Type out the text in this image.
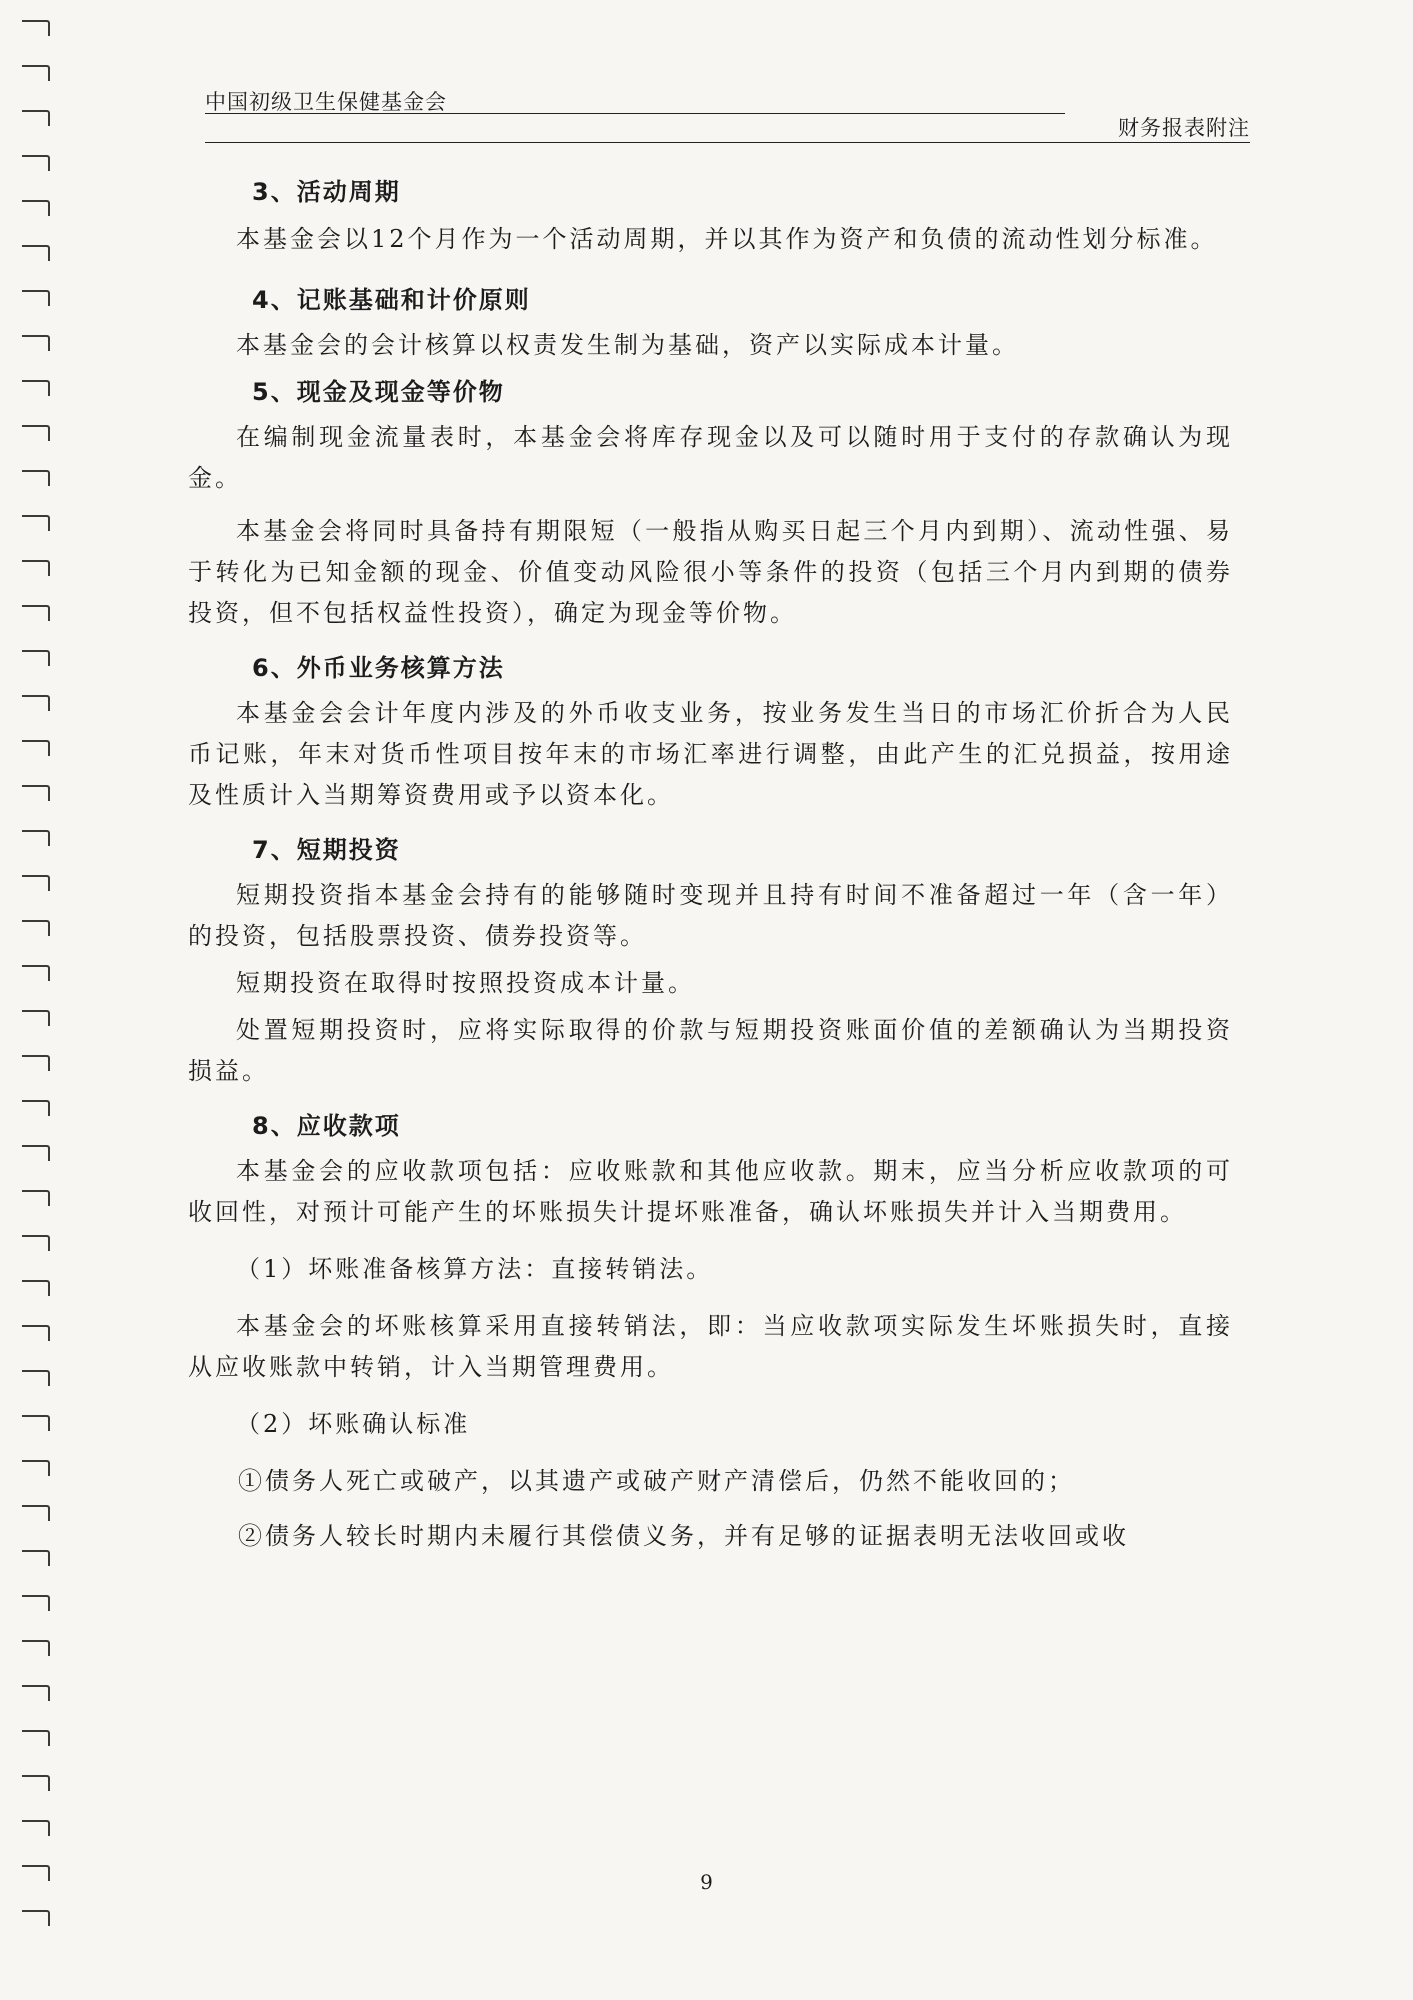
中国初级卫生保健基金会
财务报表附注
3、活动周期

本基金会以12个月作为一个活动周期，并以其作为资产和负债的流动性划分标准。

4、记账基础和计价原则

本基金会的会计核算以权责发生制为基础，资产以实际成本计量。

5、现金及现金等价物

在编制现金流量表时，本基金会将库存现金以及可以随时用于支付的存款确认为现金。

本基金会将同时具备持有期限短（一般指从购买日起三个月内到期）、流动性强、易于转化为已知金额的现金、价值变动风险很小等条件的投资（包括三个月内到期的债券投资，但不包括权益性投资），确定为现金等价物。

6、外币业务核算方法

本基金会会计年度内涉及的外币收支业务，按业务发生当日的市场汇价折合为人民币记账，年末对货币性项目按年末的市场汇率进行调整，由此产生的汇兑损益，按用途及性质计入当期筹资费用或予以资本化。

7、短期投资

短期投资指本基金会持有的能够随时变现并且持有时间不准备超过一年（含一年）的投资，包括股票投资、债券投资等。

短期投资在取得时按照投资成本计量。

处置短期投资时，应将实际取得的价款与短期投资账面价值的差额确认为当期投资损益。

8、应收款项

本基金会的应收款项包括：应收账款和其他应收款。期末，应当分析应收款项的可收回性，对预计可能产生的坏账损失计提坏账准备，确认坏账损失并计入当期费用。

（1）坏账准备核算方法：直接转销法。

本基金会的坏账核算采用直接转销法，即：当应收款项实际发生坏账损失时，直接从应收账款中转销，计入当期管理费用。

（2）坏账确认标准

①债务人死亡或破产，以其遗产或破产财产清偿后，仍然不能收回的；

②债务人较长时期内未履行其偿债义务，并有足够的证据表明无法收回或收

9
